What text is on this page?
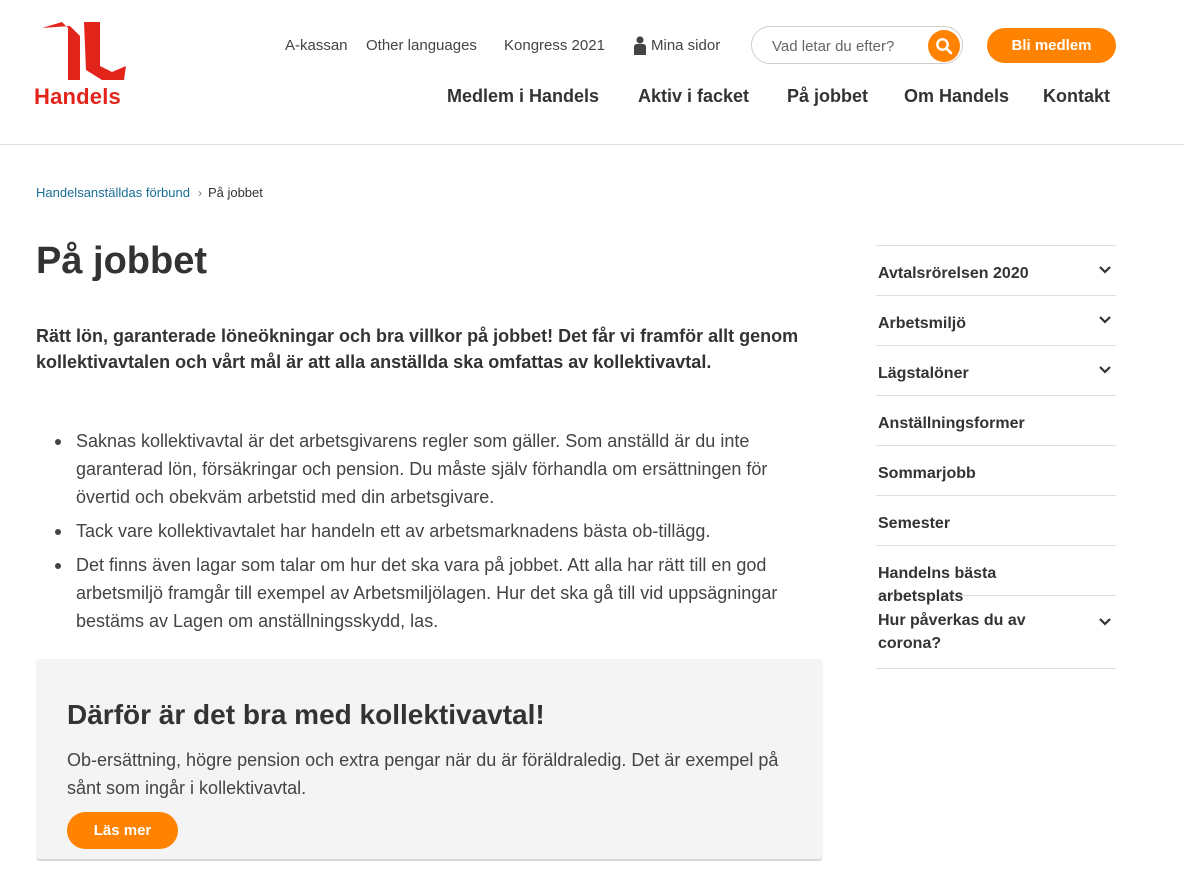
Handels
A-kassan Other languages Kongress 2021	Mina sidor
Vad letar du efter?	Bli medlem
Medlem i Handels Aktiv i facket På jobbet Om Handels Kontakt
Handelsanställdas förbund › På jobbet
På jobbet

Rätt lön, garanterade löneökningar och bra villkor på jobbet! Det får vi framför allt genom kollektivavtalen och vårt mål är att alla anställda ska omfattas av kollektivavtal.

Saknas kollektivavtal är det arbetsgivarens regler som gäller. Som anställd är du inte garanterad lön, försäkringar och pension. Du måste själv förhandla om ersättningen för övertid och obekväm arbetstid med din arbetsgivare.
Tack vare kollektivavtalet har handeln ett av arbetsmarknadens bästa ob-tillägg.
Det finns även lagar som talar om hur det ska vara på jobbet. Att alla har rätt till en god arbetsmiljö framgår till exempel av Arbetsmiljölagen. Hur det ska gå till vid uppsägningar bestäms av Lagen om anställningsskydd, las.
Därför är det bra med kollektivavtal!

Ob-ersättning, högre pension och extra pengar när du är föräldraledig. Det är exempel på sånt som ingår i kollektivavtal.

Läs mer
Avtalsrörelsen 2020
Arbetsmiljö
Lägstalöner
Anställningsformer
Sommarjobb
Semester
Handelns bästa arbetsplats
Hur påverkas du av corona?
